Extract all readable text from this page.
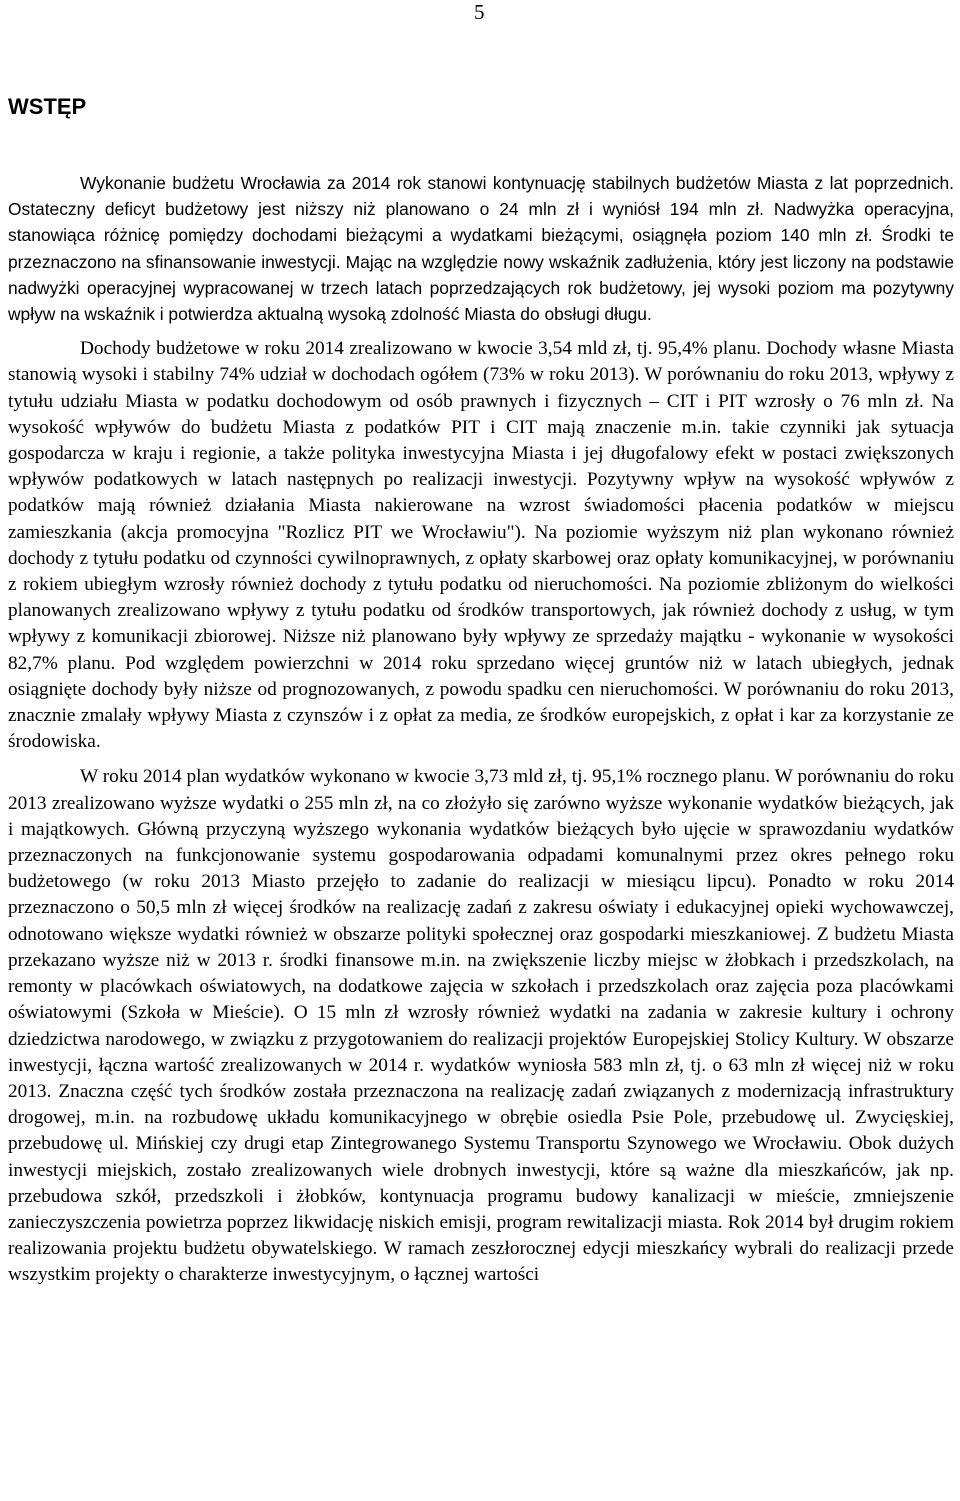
5
WSTĘP

Wykonanie budżetu Wrocławia za 2014 rok stanowi kontynuację stabilnych budżetów Miasta z lat poprzednich. Ostateczny deficyt budżetowy jest niższy niż planowano o 24 mln zł i wyniósł 194 mln zł. Nadwyżka operacyjna, stanowiąca różnicę pomiędzy dochodami bieżącymi a wydatkami bieżącymi, osiągnęła poziom 140 mln zł. Środki te przeznaczono na sfinansowanie inwestycji. Mając na względzie nowy wskaźnik zadłużenia, który jest liczony na podstawie nadwyżki operacyjnej wypracowanej w trzech latach poprzedzających rok budżetowy, jej wysoki poziom ma pozytywny wpływ na wskaźnik i potwierdza aktualną wysoką zdolność Miasta do obsługi długu.

Dochody budżetowe w roku 2014 zrealizowano w kwocie 3,54 mld zł, tj. 95,4% planu. Dochody własne Miasta stanowią wysoki i stabilny 74% udział w dochodach ogółem (73% w roku 2013). W porównaniu do roku 2013, wpływy z tytułu udziału Miasta w podatku dochodowym od osób prawnych i fizycznych – CIT i PIT wzrosły o 76 mln zł. Na wysokość wpływów do budżetu Miasta z podatków PIT i CIT mają znaczenie m.in. takie czynniki jak sytuacja gospodarcza w kraju i regionie, a także polityka inwestycyjna Miasta i jej długofalowy efekt w postaci zwiększonych wpływów podatkowych w latach następnych po realizacji inwestycji. Pozytywny wpływ na wysokość wpływów z podatków mają również działania Miasta nakierowane na wzrost świadomości płacenia podatków w miejscu zamieszkania (akcja promocyjna "Rozlicz PIT we Wrocławiu"). Na poziomie wyższym niż plan wykonano również dochody z tytułu podatku od czynności cywilnoprawnych, z opłaty skarbowej oraz opłaty komunikacyjnej, w porównaniu z rokiem ubiegłym wzrosły również dochody z tytułu podatku od nieruchomości. Na poziomie zbliżonym do wielkości planowanych zrealizowano wpływy z tytułu podatku od środków transportowych, jak również dochody z usług, w tym wpływy z komunikacji zbiorowej. Niższe niż planowano były wpływy ze sprzedaży majątku - wykonanie w wysokości 82,7% planu. Pod względem powierzchni w 2014 roku sprzedano więcej gruntów niż w latach ubiegłych, jednak osiągnięte dochody były niższe od prognozowanych, z powodu spadku cen nieruchomości. W porównaniu do roku 2013, znacznie zmalały wpływy Miasta z czynszów i z opłat za media, ze środków europejskich, z opłat i kar za korzystanie ze środowiska.

W roku 2014 plan wydatków wykonano w kwocie 3,73 mld zł, tj. 95,1% rocznego planu. W porównaniu do roku 2013 zrealizowano wyższe wydatki o 255 mln zł, na co złożyło się zarówno wyższe wykonanie wydatków bieżących, jak i majątkowych. Główną przyczyną wyższego wykonania wydatków bieżących było ujęcie w sprawozdaniu wydatków przeznaczonych na funkcjonowanie systemu gospodarowania odpadami komunalnymi przez okres pełnego roku budżetowego (w roku 2013 Miasto przejęło to zadanie do realizacji w miesiącu lipcu). Ponadto w roku 2014 przeznaczono o 50,5 mln zł więcej środków na realizację zadań z zakresu oświaty i edukacyjnej opieki wychowawczej, odnotowano większe wydatki również w obszarze polityki społecznej oraz gospodarki mieszkaniowej. Z budżetu Miasta przekazano wyższe niż w 2013 r. środki finansowe m.in. na zwiększenie liczby miejsc w żłobkach i przedszkolach, na remonty w placówkach oświatowych, na dodatkowe zajęcia w szkołach i przedszkolach oraz zajęcia poza placówkami oświatowymi (Szkoła w Mieście). O 15 mln zł wzrosły również wydatki na zadania w zakresie kultury i ochrony dziedzictwa narodowego, w związku z przygotowaniem do realizacji projektów Europejskiej Stolicy Kultury. W obszarze inwestycji, łączna wartość zrealizowanych w 2014 r. wydatków wyniosła 583 mln zł, tj. o 63 mln zł więcej niż w roku 2013. Znaczna część tych środków została przeznaczona na realizację zadań związanych z modernizacją infrastruktury drogowej, m.in. na rozbudowę układu komunikacyjnego w obrębie osiedla Psie Pole, przebudowę ul. Zwycięskiej, przebudowę ul. Mińskiej czy drugi etap Zintegrowanego Systemu Transportu Szynowego we Wrocławiu. Obok dużych inwestycji miejskich, zostało zrealizowanych wiele drobnych inwestycji, które są ważne dla mieszkańców, jak np. przebudowa szkół, przedszkoli i żłobków, kontynuacja programu budowy kanalizacji w mieście, zmniejszenie zanieczyszczenia powietrza poprzez likwidację niskich emisji, program rewitalizacji miasta. Rok 2014 był drugim rokiem realizowania projektu budżetu obywatelskiego. W ramach zeszłorocznej edycji mieszkańcy wybrali do realizacji przede wszystkim projekty o charakterze inwestycyjnym, o łącznej wartości
